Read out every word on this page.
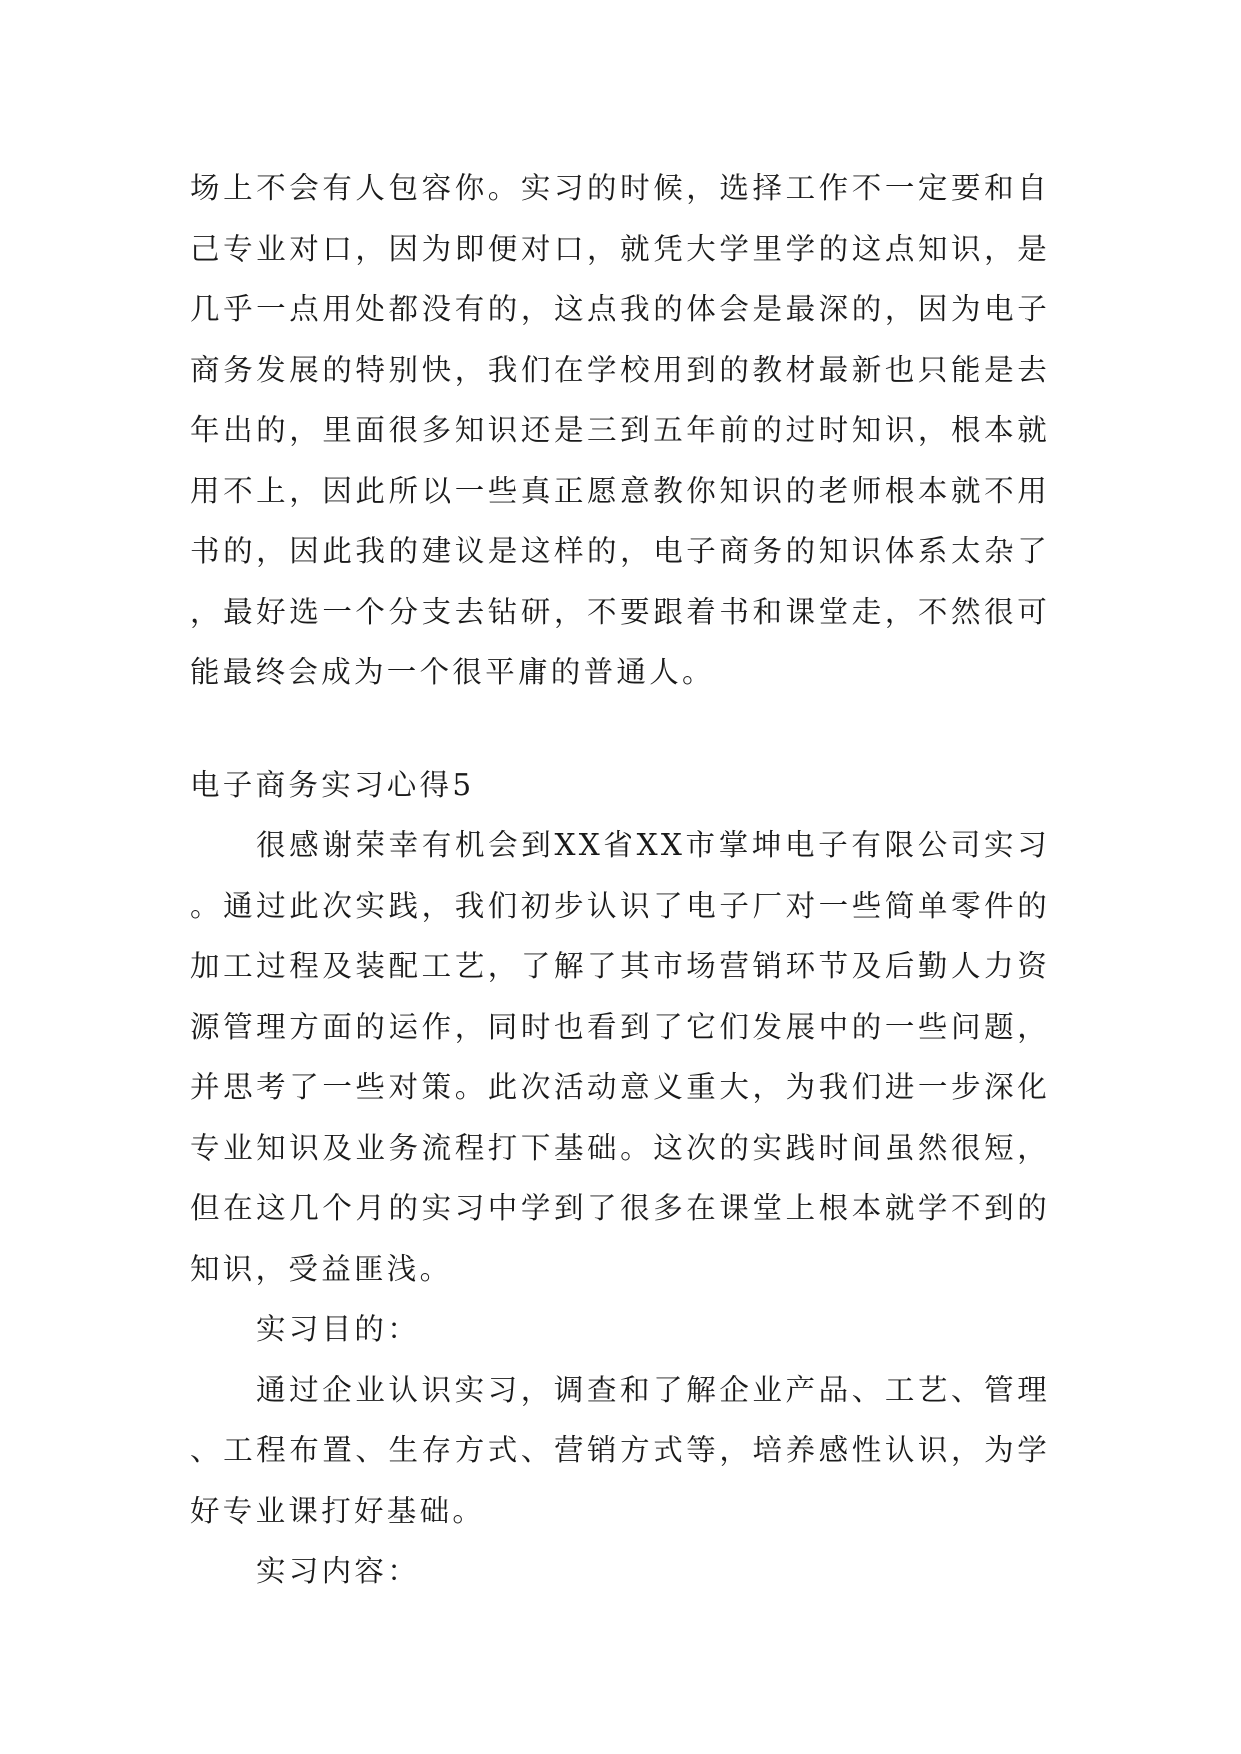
场上不会有人包容你。实习的时候，选择工作不一定要和自己专业对口，因为即便对口，就凭大学里学的这点知识，是几乎一点用处都没有的，这点我的体会是最深的，因为电子商务发展的特别快，我们在学校用到的教材最新也只能是去年出的，里面很多知识还是三到五年前的过时知识，根本就用不上，因此所以一些真正愿意教你知识的老师根本就不用书的，因此我的建议是这样的，电子商务的知识体系太杂了，最好选一个分支去钻研，不要跟着书和课堂走，不然很可能最终会成为一个很平庸的普通人。

电子商务实习心得5

很感谢荣幸有机会到XX省XX市掌坤电子有限公司实习。通过此次实践，我们初步认识了电子厂对一些简单零件的加工过程及装配工艺，了解了其市场营销环节及后勤人力资源管理方面的运作，同时也看到了它们发展中的一些问题，并思考了一些对策。此次活动意义重大，为我们进一步深化专业知识及业务流程打下基础。这次的实践时间虽然很短，但在这几个月的实习中学到了很多在课堂上根本就学不到的知识，受益匪浅。

实习目的：

通过企业认识实习，调查和了解企业产品、工艺、管理、工程布置、生存方式、营销方式等，培养感性认识，为学好专业课打好基础。

实习内容：
